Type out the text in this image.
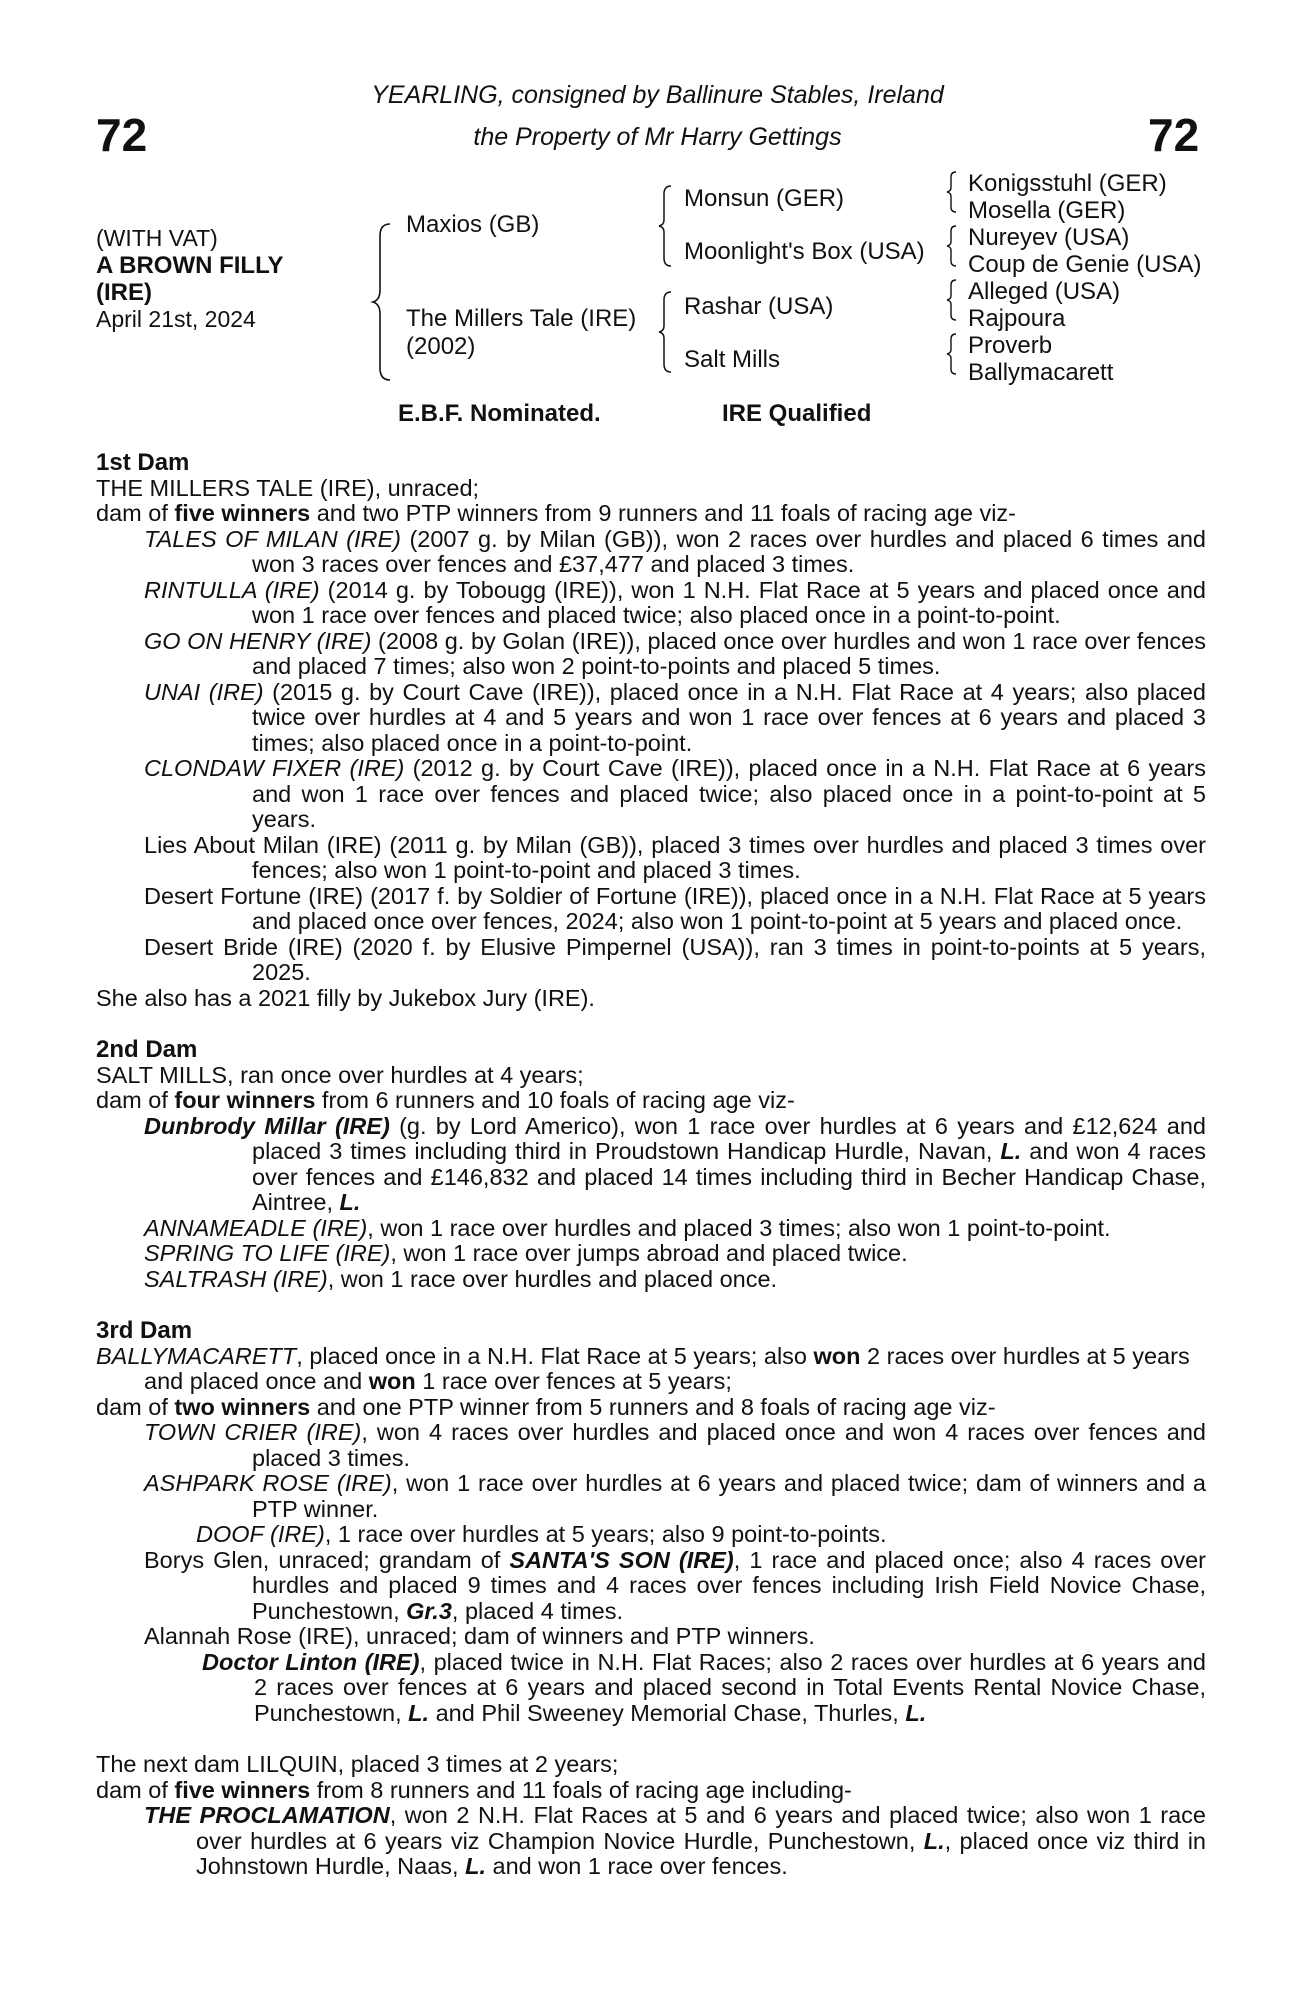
72	72
YEARLING, consigned by Ballinure Stables, Ireland
the Property of Mr Harry Gettings
(WITH VAT)
A BROWN FILLY
(IRE)
April 21st, 2024
Maxios (GB)
The Millers Tale (IRE)
(2002)
Monsun (GER)
Moonlight's Box (USA)
Rashar (USA)
Salt Mills
Konigsstuhl (GER)
Mosella (GER)
Nureyev (USA)
Coup de Genie (USA)
Alleged (USA)
Rajpoura
Proverb
Ballymacarett
E.B.F. Nominated.	IRE Qualified
1st Dam
THE MILLERS TALE (IRE), unraced;
dam of five winners and two PTP winners from 9 runners and 11 foals of racing age viz-
TALES OF MILAN (IRE) (2007 g. by Milan (GB)), won 2 races over hurdles and placed 6 times and won 3 races over fences and £37,477 and placed 3 times.
RINTULLA (IRE) (2014 g. by Tobougg (IRE)), won 1 N.H. Flat Race at 5 years and placed once and won 1 race over fences and placed twice; also placed once in a point-to-point.
GO ON HENRY (IRE) (2008 g. by Golan (IRE)), placed once over hurdles and won 1 race over fences and placed 7 times; also won 2 point-to-points and placed 5 times.
UNAI (IRE) (2015 g. by Court Cave (IRE)), placed once in a N.H. Flat Race at 4 years; also placed twice over hurdles at 4 and 5 years and won 1 race over fences at 6 years and placed 3 times; also placed once in a point-to-point.
CLONDAW FIXER (IRE) (2012 g. by Court Cave (IRE)), placed once in a N.H. Flat Race at 6 years and won 1 race over fences and placed twice; also placed once in a point-to-point at 5 years.
Lies About Milan (IRE) (2011 g. by Milan (GB)), placed 3 times over hurdles and placed 3 times over fences; also won 1 point-to-point and placed 3 times.
Desert Fortune (IRE) (2017 f. by Soldier of Fortune (IRE)), placed once in a N.H. Flat Race at 5 years and placed once over fences, 2024; also won 1 point-to-point at 5 years and placed once.
Desert Bride (IRE) (2020 f. by Elusive Pimpernel (USA)), ran 3 times in point-to-points at 5 years, 2025.
She also has a 2021 filly by Jukebox Jury (IRE).
2nd Dam
SALT MILLS, ran once over hurdles at 4 years;
dam of four winners from 6 runners and 10 foals of racing age viz-
Dunbrody Millar (IRE) (g. by Lord Americo), won 1 race over hurdles at 6 years and £12,624 and placed 3 times including third in Proudstown Handicap Hurdle, Navan, L. and won 4 races over fences and £146,832 and placed 14 times including third in Becher Handicap Chase, Aintree, L.
ANNAMEADLE (IRE), won 1 race over hurdles and placed 3 times; also won 1 point-to-point.
SPRING TO LIFE (IRE), won 1 race over jumps abroad and placed twice.
SALTRASH (IRE), won 1 race over hurdles and placed once.
3rd Dam
BALLYMACARETT, placed once in a N.H. Flat Race at 5 years; also won 2 races over hurdles at 5 years and placed once and won 1 race over fences at 5 years;
dam of two winners and one PTP winner from 5 runners and 8 foals of racing age viz-
TOWN CRIER (IRE), won 4 races over hurdles and placed once and won 4 races over fences and placed 3 times.
ASHPARK ROSE (IRE), won 1 race over hurdles at 6 years and placed twice; dam of winners and a PTP winner.
DOOF (IRE), 1 race over hurdles at 5 years; also 9 point-to-points.
Borys Glen, unraced; grandam of SANTA'S SON (IRE), 1 race and placed once; also 4 races over hurdles and placed 9 times and 4 races over fences including Irish Field Novice Chase, Punchestown, Gr.3, placed 4 times.
Alannah Rose (IRE), unraced; dam of winners and PTP winners.
Doctor Linton (IRE), placed twice in N.H. Flat Races; also 2 races over hurdles at 6 years and 2 races over fences at 6 years and placed second in Total Events Rental Novice Chase, Punchestown, L. and Phil Sweeney Memorial Chase, Thurles, L.
The next dam LILQUIN, placed 3 times at 2 years;
dam of five winners from 8 runners and 11 foals of racing age including-
THE PROCLAMATION, won 2 N.H. Flat Races at 5 and 6 years and placed twice; also won 1 race over hurdles at 6 years viz Champion Novice Hurdle, Punchestown, L., placed once viz third in Johnstown Hurdle, Naas, L. and won 1 race over fences.
